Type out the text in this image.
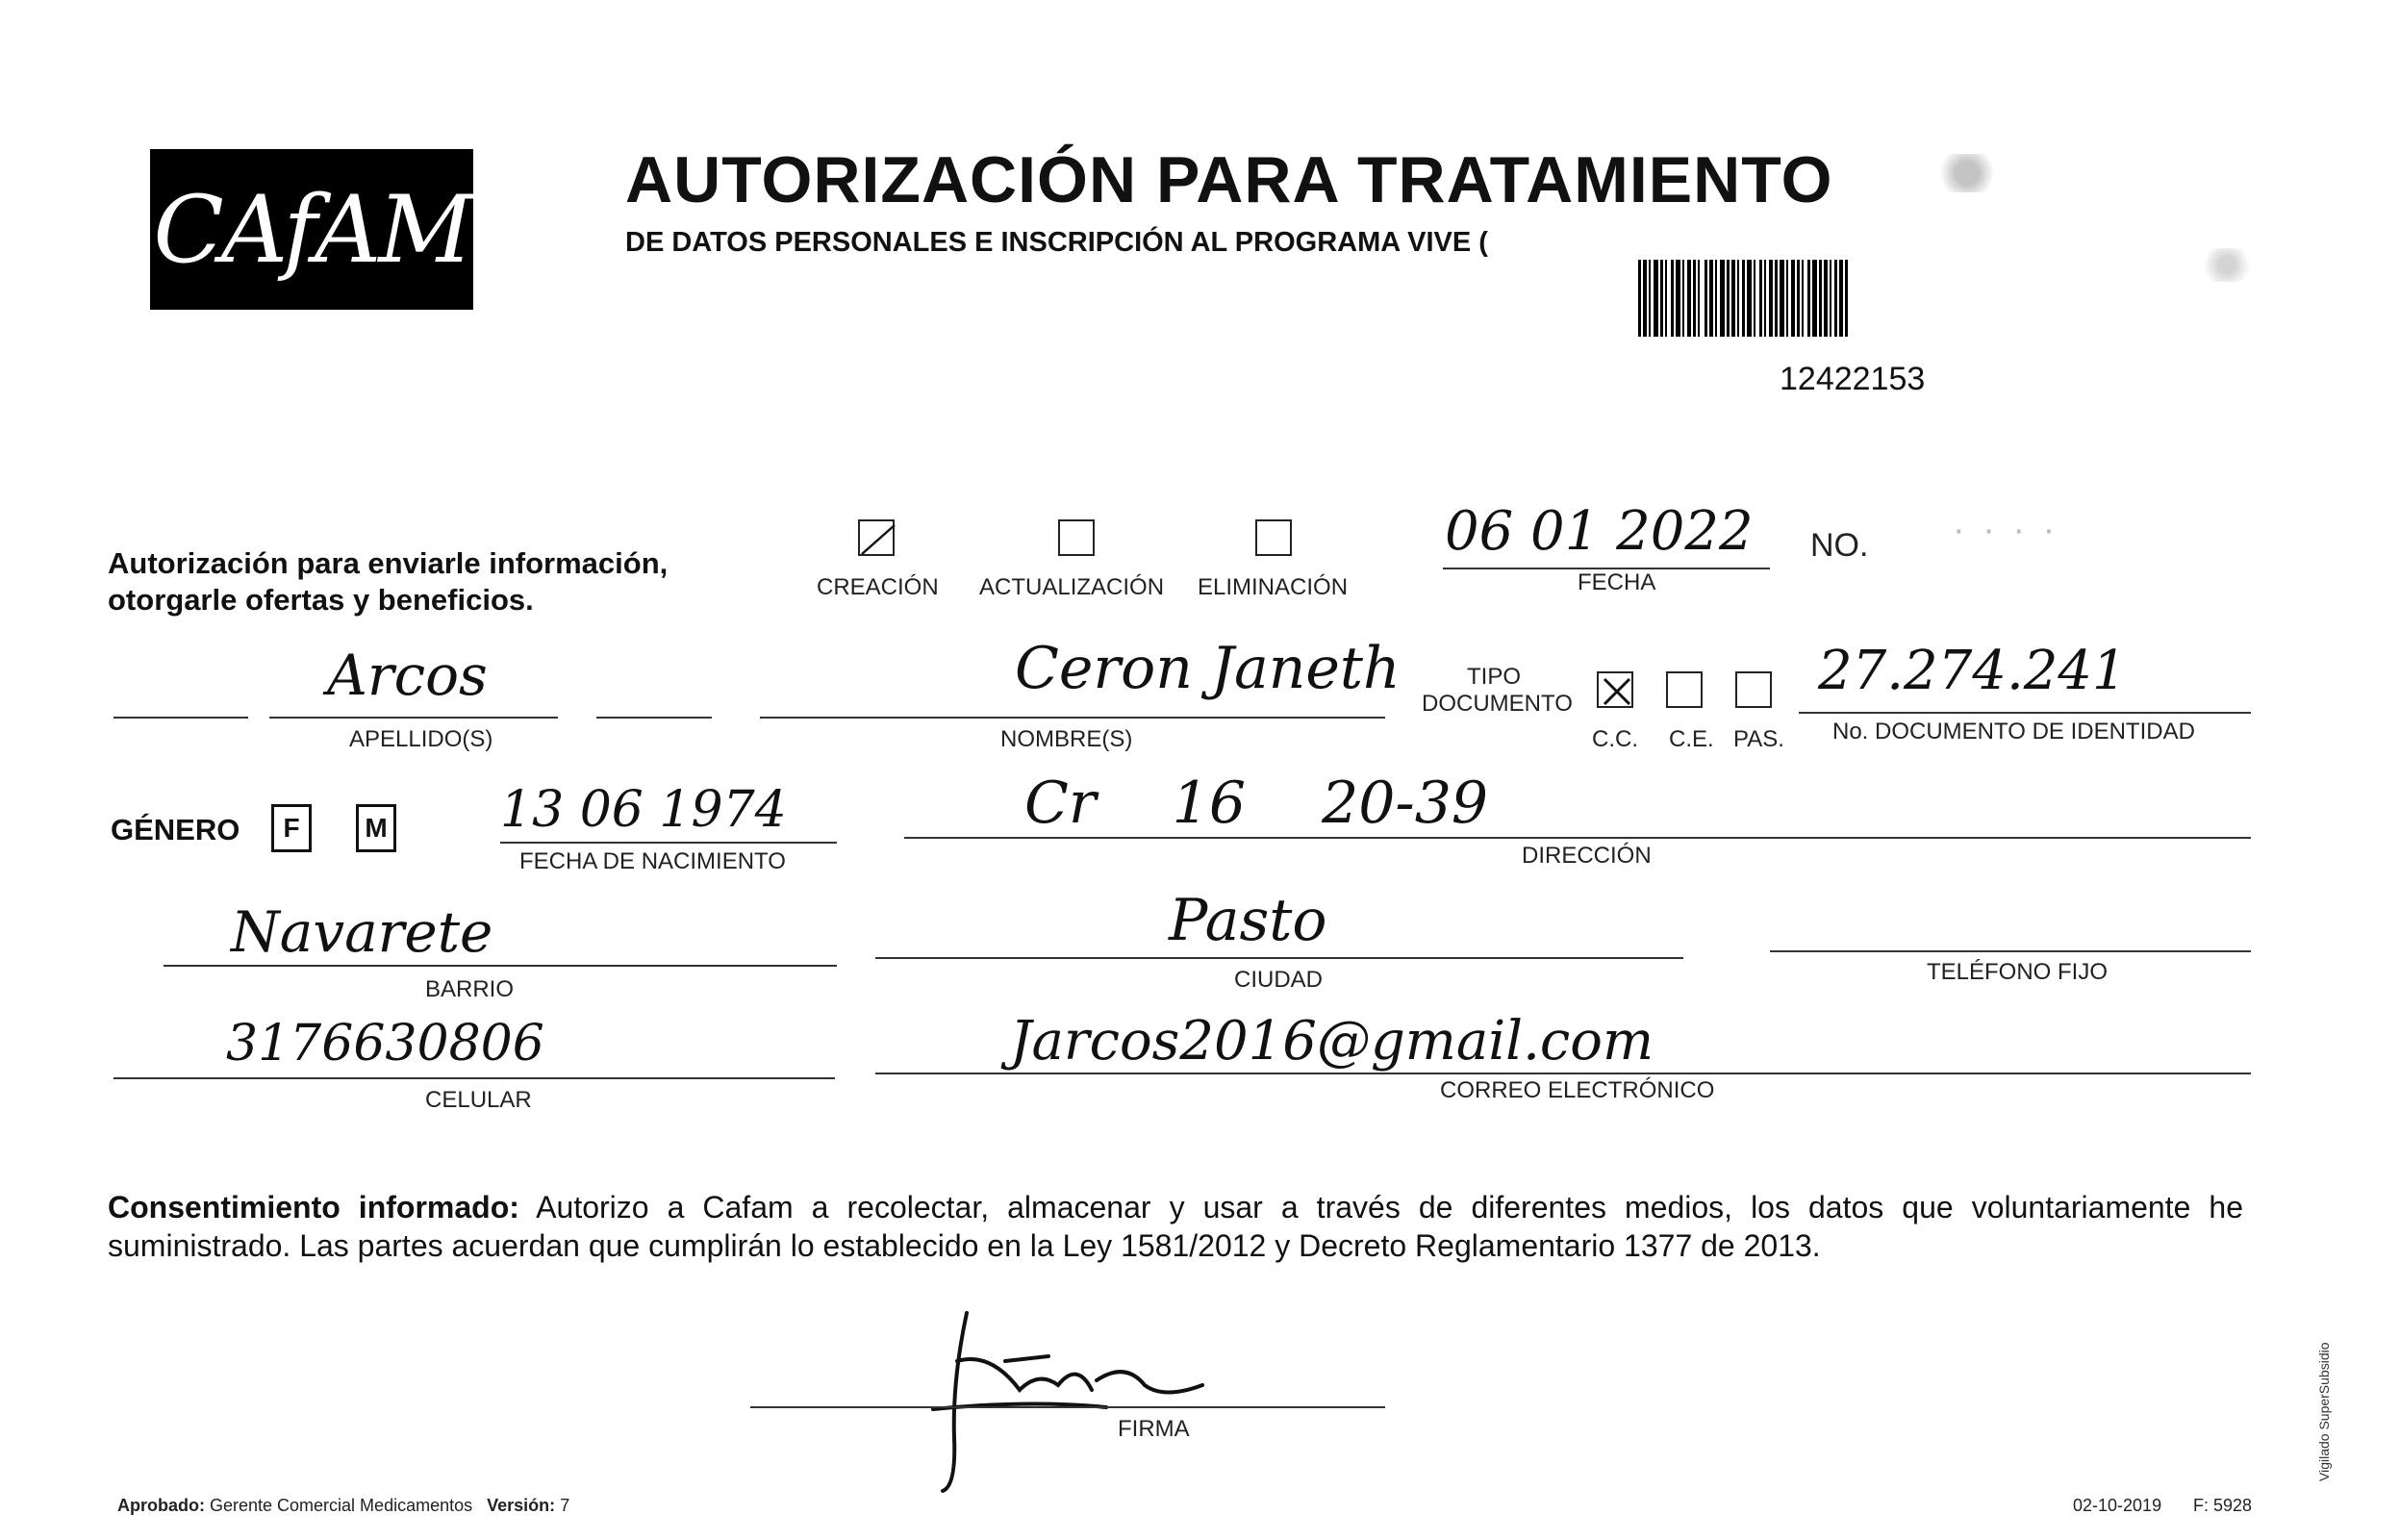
CAfAM AUTORIZACIÓN PARA TRATAMIENTO
DE DATOS PERSONALES E INSCRIPCIÓN AL PROGRAMA VIVE (
12422153
Autorización para enviarle información,
otorgarle ofertas y beneficios.	CREACIÓN ACTUALIZACIÓN ELIMINACIÓN
06 01 2022
FECHA
NO. · · · ·
Arcos
APELLIDO(S)
Ceron Janeth
NOMBRE(S)
TIPO
DOCUMENTO
C.C. C.E. PAS.
27.274.241
No. DOCUMENTO DE IDENTIDAD
GÉNERO	F	M 13 06 1974
FECHA DE NACIMIENTO
Cr 16 20-39
DIRECCIÓN
Navarete
BARRIO
Pasto
CIUDAD	TELÉFONO FIJO
3176630806
CELULAR
Jarcos2016@gmail.com
CORREO ELECTRÓNICO
Consentimiento informado: Autorizo a Cafam a recolectar, almacenar y usar a través de diferentes medios, los datos que voluntariamente he suministrado. Las partes acuerdan que cumplirán lo establecido en la Ley 1581/2012 y Decreto Reglamentario 1377 de 2013.
FIRMA
Aprobado: Gerente Comercial Medicamentos Versión: 7	02-10-2019 F: 5928
Vigilado SuperSubsidio
